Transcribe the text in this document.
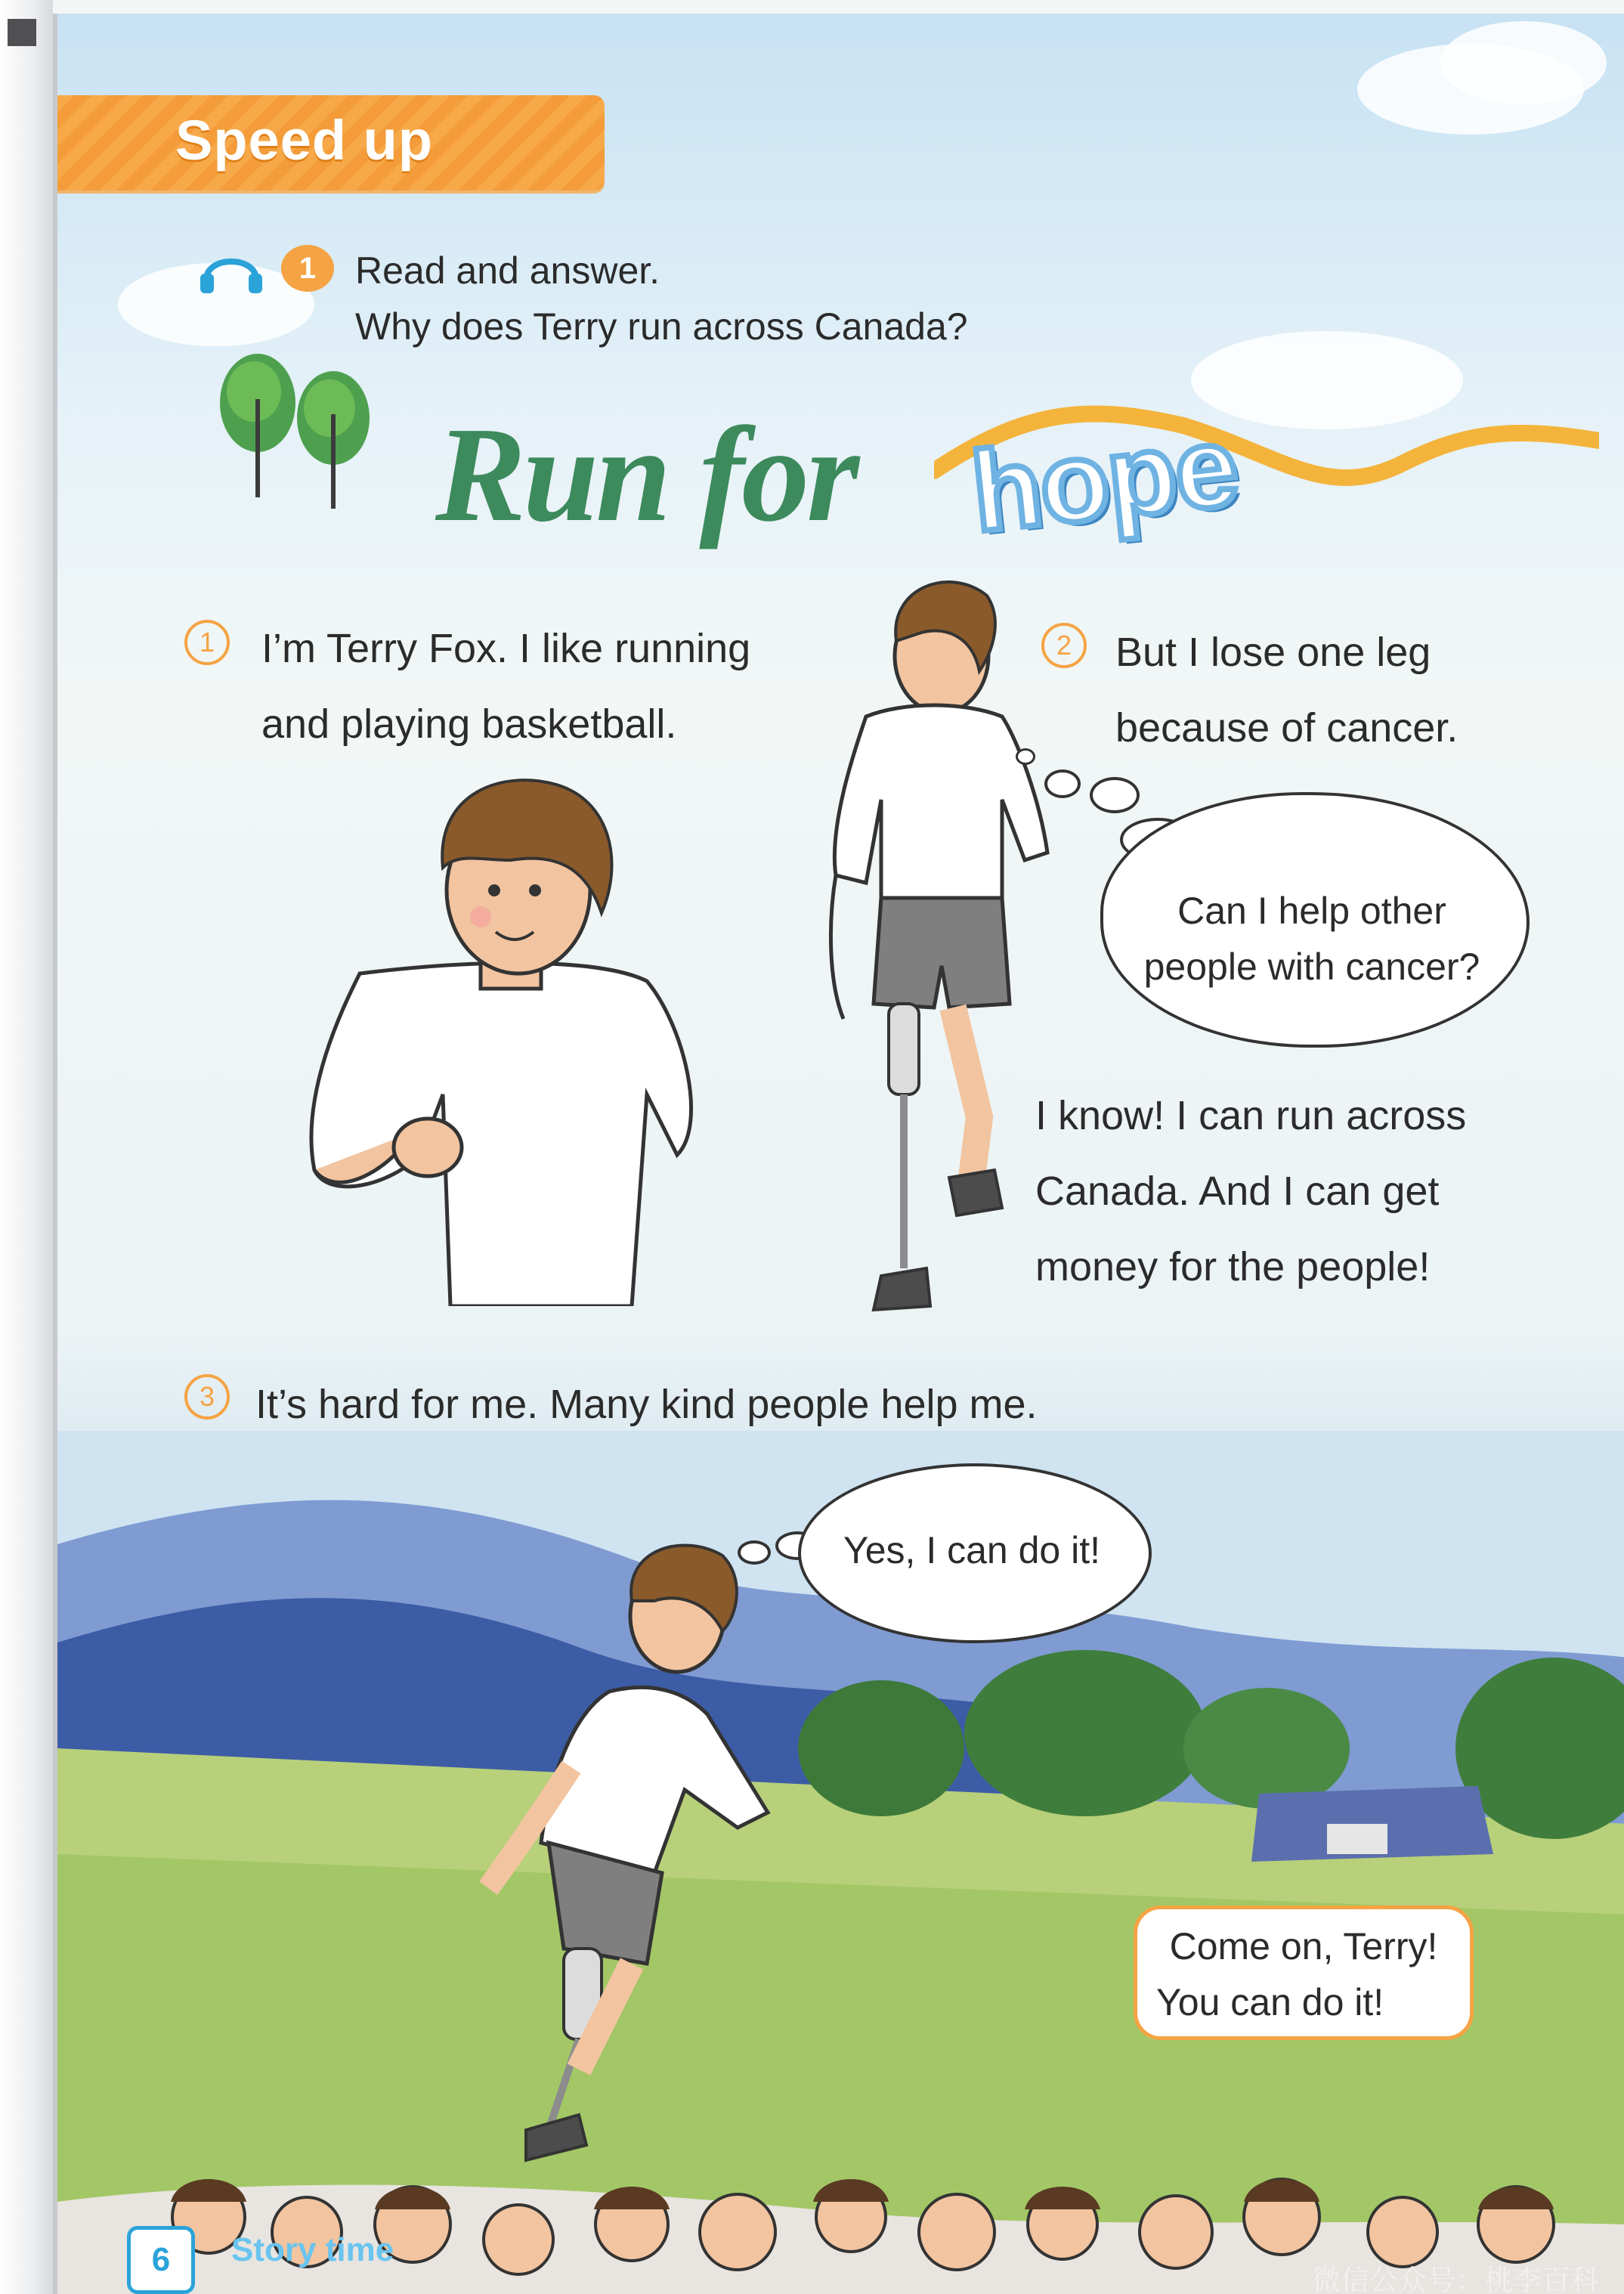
Speed up
1	Read and answer.
Why does Terry run across Canada?
Run for hope
1	I’m Terry Fox. I like running
and playing basketball.
2	But I lose one leg
because of cancer.
Can I help other
people with cancer?
I know! I can run across
Canada. And I can get
money for the people!
3 It’s hard for me. Many kind people help me.
Yes, I can do it!
Come on, Terry!
You can do it!
6	Story time
微信公众号：桃李百科
